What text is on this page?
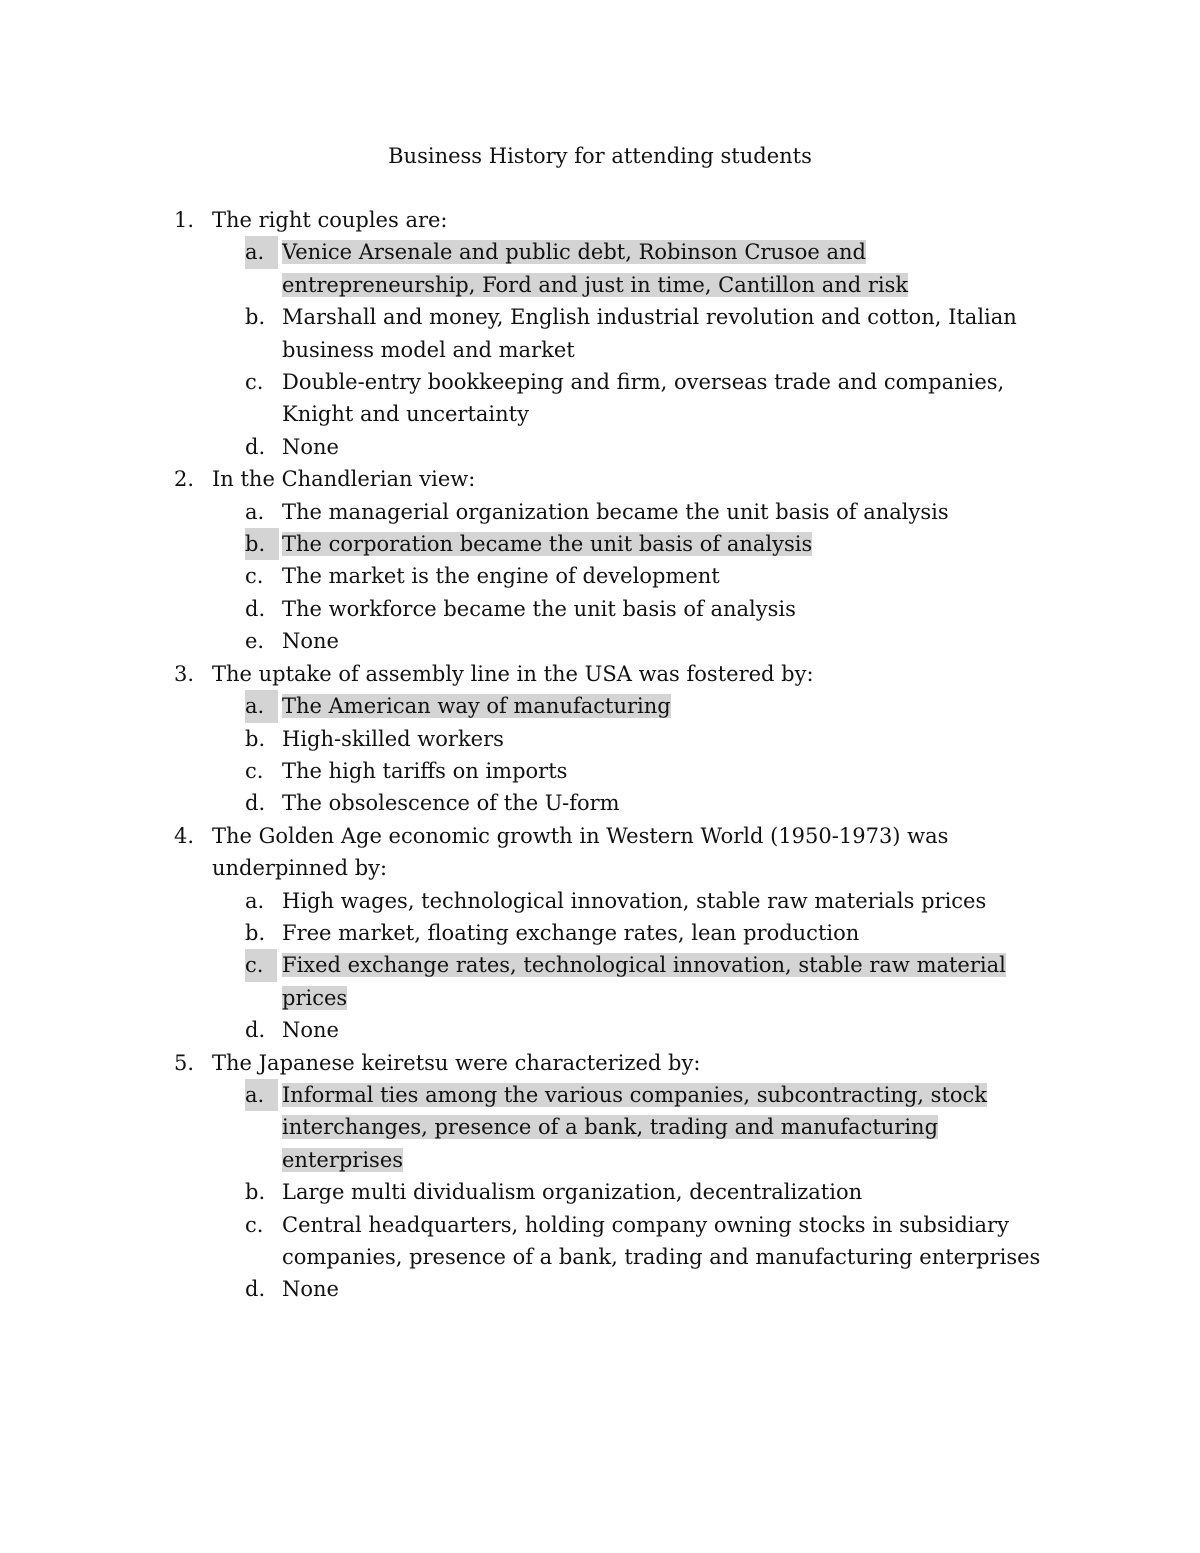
Business History for attending students
1. The right couples are:
a. Venice Arsenale and public debt, Robinson Crusoe and entrepreneurship, Ford and just in time, Cantillon and risk
b. Marshall and money, English industrial revolution and cotton, Italian business model and market
c. Double-entry bookkeeping and firm, overseas trade and companies, Knight and uncertainty
d. None
2. In the Chandlerian view:
a. The managerial organization became the unit basis of analysis
b. The corporation became the unit basis of analysis
c. The market is the engine of development
d. The workforce became the unit basis of analysis
e. None
3. The uptake of assembly line in the USA was fostered by:
a. The American way of manufacturing
b. High-skilled workers
c. The high tariffs on imports
d. The obsolescence of the U-form
4. The Golden Age economic growth in Western World (1950-1973) was underpinned by:
a. High wages, technological innovation, stable raw materials prices
b. Free market, floating exchange rates, lean production
c. Fixed exchange rates, technological innovation, stable raw material prices
d. None
5. The Japanese keiretsu were characterized by:
a. Informal ties among the various companies, subcontracting, stock interchanges, presence of a bank, trading and manufacturing enterprises
b. Large multi dividualism organization, decentralization
c. Central headquarters, holding company owning stocks in subsidiary companies, presence of a bank, trading and manufacturing enterprises
d. None
